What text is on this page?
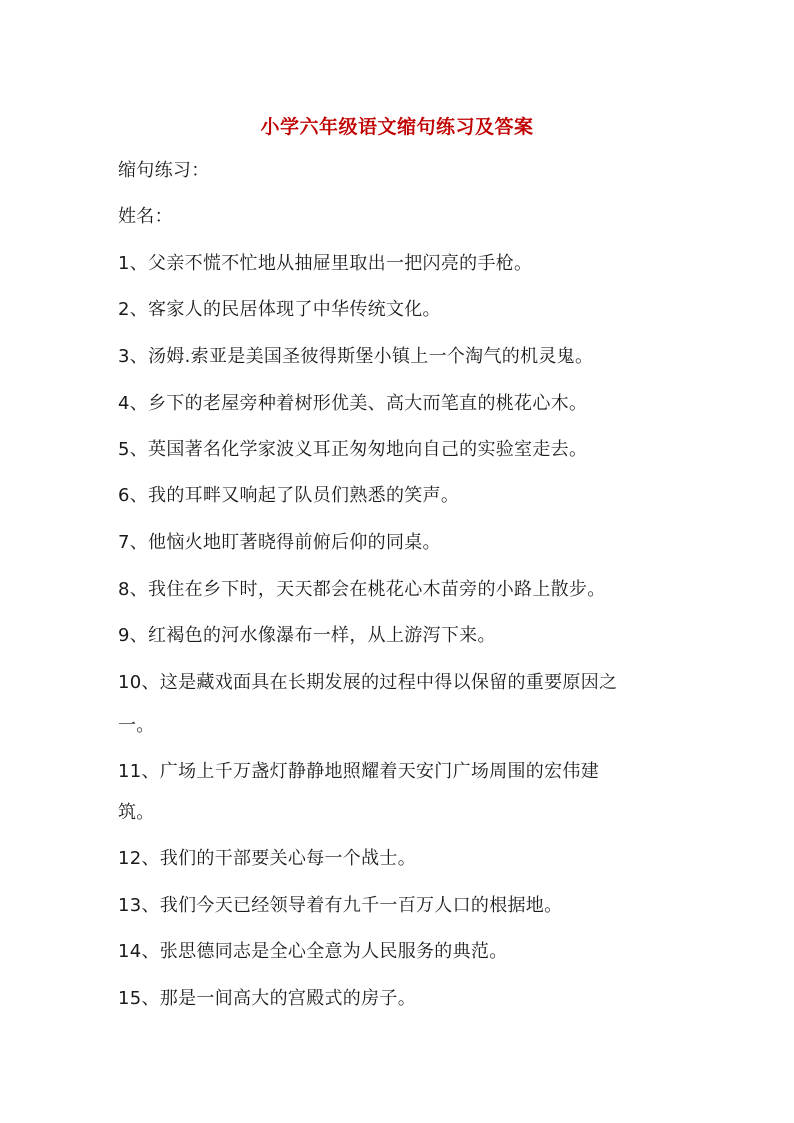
小学六年级语文缩句练习及答案
缩句练习：
姓名：
1、父亲不慌不忙地从抽屉里取出一把闪亮的手枪。
2、客家人的民居体现了中华传统文化。
3、汤姆.索亚是美国圣彼得斯堡小镇上一个淘气的机灵鬼。
4、乡下的老屋旁种着树形优美、高大而笔直的桃花心木。
5、英国著名化学家波义耳正匆匆地向自己的实验室走去。
6、我的耳畔又响起了队员们熟悉的笑声。
7、他恼火地盯著晓得前俯后仰的同桌。
8、我住在乡下时，天天都会在桃花心木苗旁的小路上散步。
9、红褐色的河水像瀑布一样，从上游泻下来。
10、这是藏戏面具在长期发展的过程中得以保留的重要原因之
一。
11、广场上千万盏灯静静地照耀着天安门广场周围的宏伟建
筑。
12、我们的干部要关心每一个战士。
13、我们今天已经领导着有九千一百万人口的根据地。
14、张思德同志是全心全意为人民服务的典范。
15、那是一间高大的宫殿式的房子。
